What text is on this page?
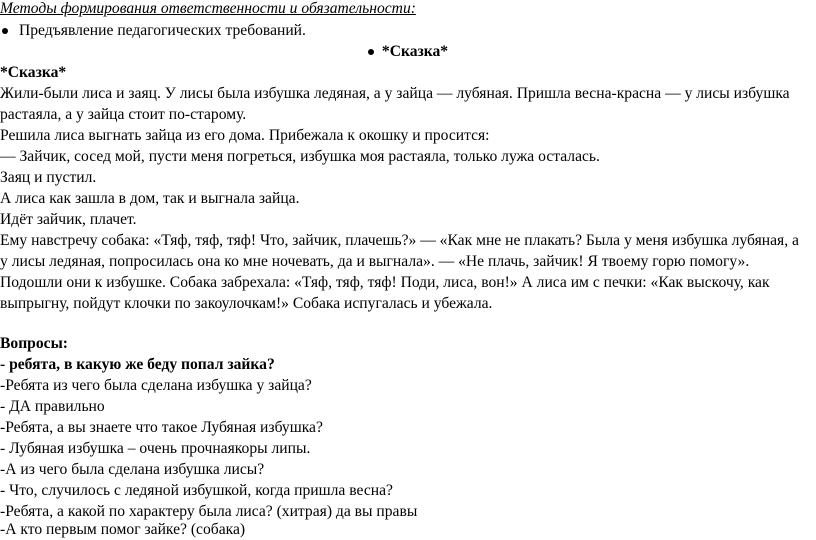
Методы формирования ответственности и обязательности:
Предъявление педагогических требований.
*Сказка*
*Сказка*
Жили-были лиса и заяц. У лисы была избушка ледяная, а у зайца — лубяная. Пришла весна-красна — у лисы избушка
растаяла, а у зайца стоит по-старому.
Решила лиса выгнать зайца из его дома. Прибежала к окошку и просится:
— Зайчик, сосед мой, пусти меня погреться, избушка моя растаяла, только лужа осталась.
Заяц и пустил.
А лиса как зашла в дом, так и выгнала зайца.
Идёт зайчик, плачет.
Ему навстречу собака: «Тяф, тяф, тяф! Что, зайчик, плачешь?» — «Как мне не плакать? Была у меня избушка лубяная, а
у лисы ледяная, попросилась она ко мне ночевать, да и выгнала». — «Не плачь, зайчик! Я твоему горю помогу».
Подошли они к избушке. Собака забрехала: «Тяф, тяф, тяф! Поди, лиса, вон!» А лиса им с печки: «Как выскочу, как
выпрыгну, пойдут клочки по закоулочкам!» Собака испугалась и убежала.
Вопросы:
- ребята, в какую же беду попал зайка?
-Ребята из чего была сделана избушка у зайца?
- ДА правильно
-Ребята, а вы знаете что такое Лубяная избушка?
- Лубяная избушка – очень прочнаякоры липы.
-А из чего была сделана избушка лисы?
- Что, случилось с ледяной избушкой, когда пришла весна?
-Ребята, а какой по характеру была лиса? (хитрая) да вы правы
-А кто первым помог зайке? (собака)
